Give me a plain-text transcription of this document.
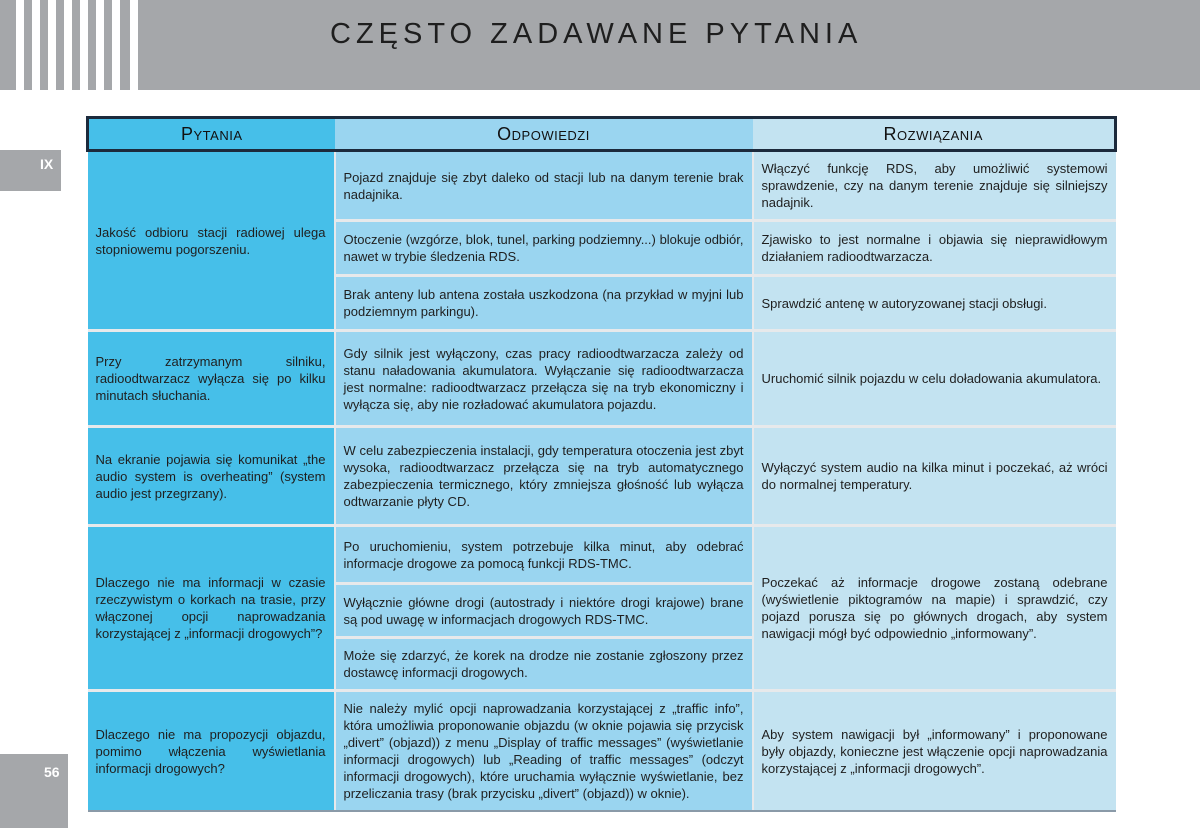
CZĘSTO ZADAWANE PYTANIA
IX
56
Pytania	Odpowiedzi	Rozwiązania
Jakość odbioru stacji radiowej ulega stopniowemu pogorszeniu.	Pojazd znajduje się zbyt daleko od stacji lub na danym terenie brak nadajnika.	Włączyć funkcję RDS, aby umożliwić systemowi sprawdzenie, czy na danym terenie znajduje się silniejszy nadajnik.
	Otoczenie (wzgórze, blok, tunel, parking podziemny...) blokuje odbiór, nawet w trybie śledzenia RDS.	Zjawisko to jest normalne i objawia się nieprawidłowym działaniem radioodtwarzacza.
	Brak anteny lub antena została uszkodzona (na przykład w myjni lub podziemnym parkingu).	Sprawdzić antenę w autoryzowanej stacji obsługi.
Przy zatrzymanym silniku, radioodtwarzacz wyłącza się po kilku minutach słuchania.	Gdy silnik jest wyłączony, czas pracy radioodtwarzacza zależy od stanu naładowania akumulatora. Wyłączanie się radioodtwarzacza jest normalne: radioodtwarzacz przełącza się na tryb ekonomiczny i wyłącza się, aby nie rozładować akumulatora pojazdu.	Uruchomić silnik pojazdu w celu doładowania akumulatora.
Na ekranie pojawia się komunikat „the audio system is overheating” (system audio jest przegrzany).	W celu zabezpieczenia instalacji, gdy temperatura otoczenia jest zbyt wysoka, radioodtwarzacz przełącza się na tryb automatycznego zabezpieczenia termicznego, który zmniejsza głośność lub wyłącza odtwarzanie płyty CD.	Wyłączyć system audio na kilka minut i poczekać, aż wróci do normalnej temperatury.
Dlaczego nie ma informacji w czasie rzeczywistym o korkach na trasie, przy włączonej opcji naprowadzania korzystającej z „informacji drogowych”?	Po uruchomieniu, system potrzebuje kilka minut, aby odebrać informacje drogowe za pomocą funkcji RDS-TMC.	Poczekać aż informacje drogowe zostaną odebrane (wyświetlenie piktogramów na mapie) i sprawdzić, czy pojazd porusza się po głównych drogach, aby system nawigacji mógł być odpowiednio „informowany”.
	Wyłącznie główne drogi (autostrady i niektóre drogi krajowe) brane są pod uwagę w informacjach drogowych RDS-TMC.	
	Może się zdarzyć, że korek na drodze nie zostanie zgłoszony przez dostawcę informacji drogowych.	
Dlaczego nie ma propozycji objazdu, pomimo włączenia wyświetlania informacji drogowych?	Nie należy mylić opcji naprowadzania korzystającej z „traffic info”, która umożliwia proponowanie objazdu (w oknie pojawia się przycisk „divert” (objazd)) z menu „Display of traffic messages” (wyświetlanie informacji drogowych) lub „Reading of traffic messages” (odczyt informacji drogowych), które uruchamia wyłącznie wyświetlanie, bez przeliczania trasy (brak przycisku „divert” (objazd)) w oknie).	Aby system nawigacji był „informowany” i proponowane były objazdy, konieczne jest włączenie opcji naprowadzania korzystającej z „informacji drogowych”.
